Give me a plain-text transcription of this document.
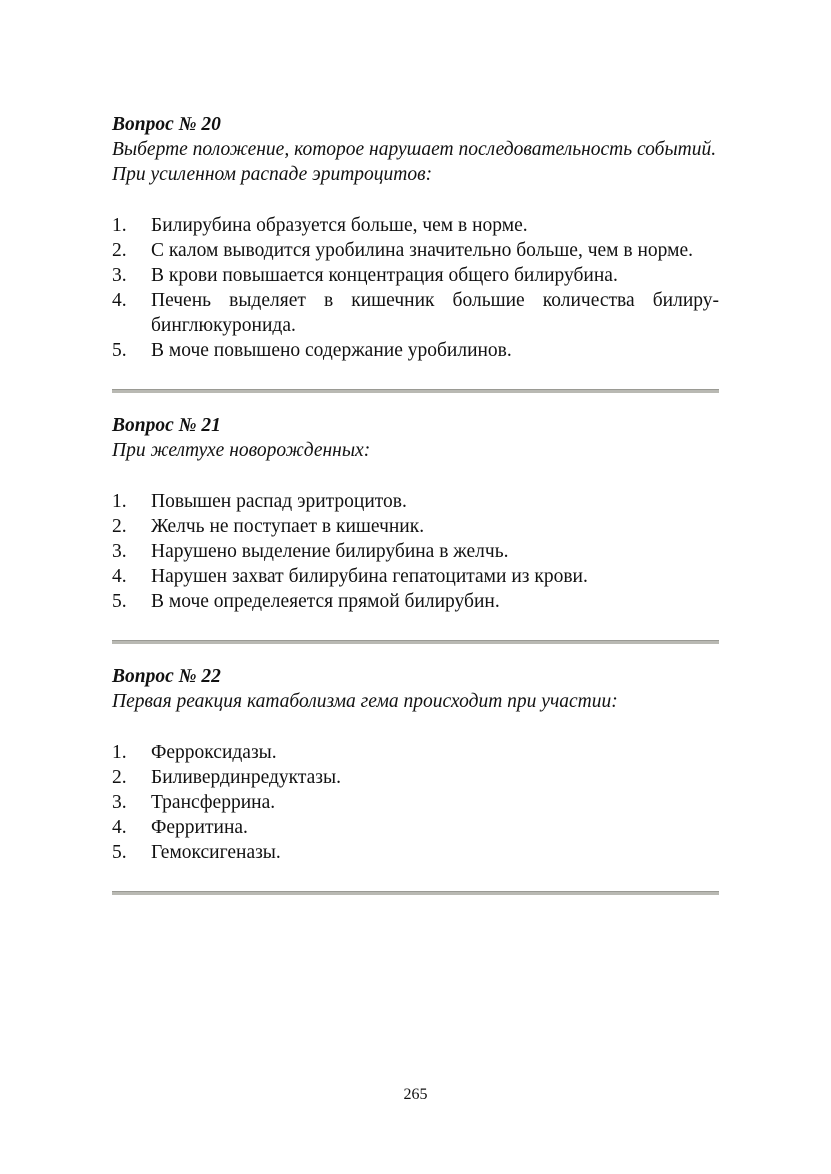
Вопрос № 20

Выберте положение, которое нарушает последовательность событий.

При усиленном распаде эритроцитов:

1.	Билирубина образуется больше, чем в норме.
2.	С калом выводится уробилина значительно больше, чем в норме.
3.	В крови повышается концентрация общего билирубина.
4.	Печень выделяет в кишечник большие количества билиру-бинглюкуронида.
5.	В моче повышено содержание уробилинов.

Вопрос № 21

При желтухе новорожденных:

1.	Повышен распад эритроцитов.
2.	Желчь не поступает в кишечник.
3.	Нарушено выделение билирубина в желчь.
4.	Нарушен захват билирубина гепатоцитами из крови.
5.	В моче определеяется прямой билирубин.

Вопрос № 22

Первая реакция катаболизма гема происходит при участии:

1.	Ферроксидазы.
2.	Биливердинредуктазы.
3.	Трансферрина.
4.	Ферритина.
5.	Гемоксигеназы.
265
